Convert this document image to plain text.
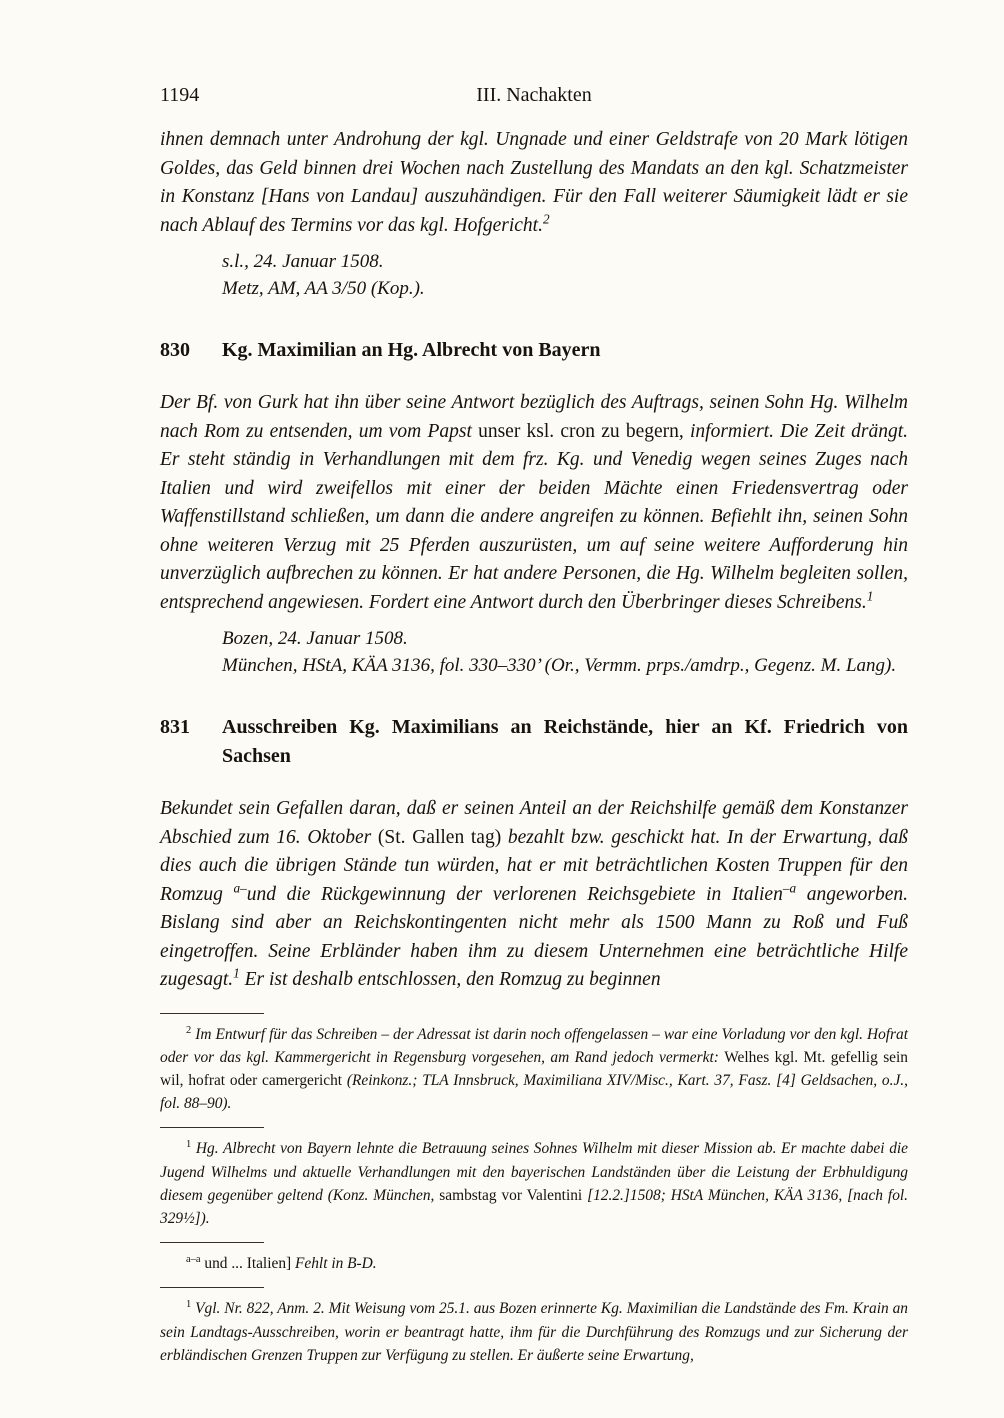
1194	III. Nachakten

ihnen demnach unter Androhung der kgl. Ungnade und einer Geldstrafe von 20 Mark lötigen Goldes, das Geld binnen drei Wochen nach Zustellung des Mandats an den kgl. Schatzmeister in Konstanz [Hans von Landau] auszuhändigen. Für den Fall weiterer Säumigkeit lädt er sie nach Ablauf des Termins vor das kgl. Hofgericht.$^2$

s.l., 24. Januar 1508.
Metz, AM, AA 3/50 (Kop.).
830	Kg. Maximilian an Hg. Albrecht von Bayern

Der Bf. von Gurk hat ihn über seine Antwort bezüglich des Auftrags, seinen Sohn Hg. Wilhelm nach Rom zu entsenden, um vom Papst unser ksl. cron zu begern, informiert. Die Zeit drängt. Er steht ständig in Verhandlungen mit dem frz. Kg. und Venedig wegen seines Zuges nach Italien und wird zweifellos mit einer der beiden Mächte einen Friedensvertrag oder Waffenstillstand schließen, um dann die andere angreifen zu können. Befiehlt ihn, seinen Sohn ohne weiteren Verzug mit 25 Pferden auszurüsten, um auf seine weitere Aufforderung hin unverzüglich aufbrechen zu können. Er hat andere Personen, die Hg. Wilhelm begleiten sollen, entsprechend angewiesen. Fordert eine Antwort durch den Überbringer dieses Schreibens.$^1$

Bozen, 24. Januar 1508.
München, HStA, KÄA 3136, fol. 330–330’ (Or., Vermm. prps./amdrp., Gegenz. M. Lang).
831	Ausschreiben Kg. Maximilians an Reichstände, hier an Kf. Friedrich von Sachsen

Bekundet sein Gefallen daran, daß er seinen Anteil an der Reichshilfe gemäß dem Konstanzer Abschied zum 16. Oktober (St. Gallen tag) bezahlt bzw. geschickt hat. In der Erwartung, daß dies auch die übrigen Stände tun würden, hat er mit beträchtlichen Kosten Truppen für den Romzug $^{a-}$und die Rückgewinnung der verlorenen Reichsgebiete in Italien$^{-a}$ angeworben. Bislang sind aber an Reichskontingenten nicht mehr als 1500 Mann zu Roß und Fuß eingetroffen. Seine Erbländer haben ihm zu diesem Unternehmen eine beträchtliche Hilfe zugesagt.$^1$ Er ist deshalb entschlossen, den Romzug zu beginnen

$^2$ Im Entwurf für das Schreiben – der Adressat ist darin noch offengelassen – war eine Vorladung vor den kgl. Hofrat oder vor das kgl. Kammergericht in Regensburg vorgesehen, am Rand jedoch vermerkt: Welhes kgl. Mt. gefellig sein wil, hofrat oder camergericht (Reinkonz.; TLA Innsbruck, Maximiliana XIV/Misc., Kart. 37, Fasz. [4] Geldsachen, o.J., fol. 88–90).

$^1$ Hg. Albrecht von Bayern lehnte die Betrauung seines Sohnes Wilhelm mit dieser Mission ab. Er machte dabei die Jugend Wilhelms und aktuelle Verhandlungen mit den bayerischen Landständen über die Leistung der Erbhuldigung diesem gegenüber geltend (Konz. München, sambstag vor Valentini [12.2.]1508; HStA München, KÄA 3136, [nach fol. 329½]).

$^{a-a}$ und ... Italien] Fehlt in B-D.

$^1$ Vgl. Nr. 822, Anm. 2. Mit Weisung vom 25.1. aus Bozen erinnerte Kg. Maximilian die Landstände des Fm. Krain an sein Landtags-Ausschreiben, worin er beantragt hatte, ihm für die Durchführung des Romzugs und zur Sicherung der erbländischen Grenzen Truppen zur Verfügung zu stellen. Er äußerte seine Erwartung,
